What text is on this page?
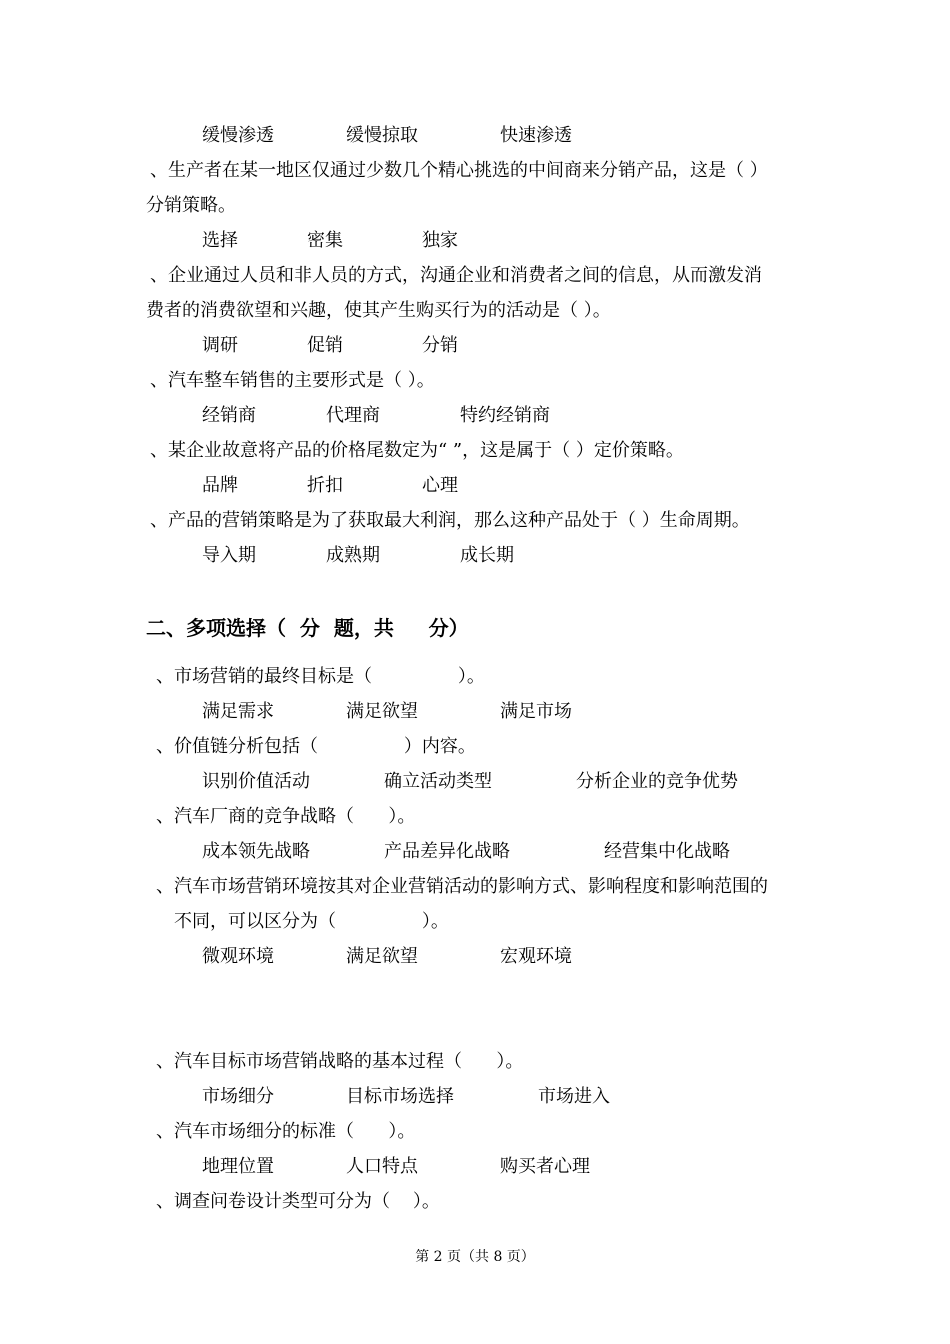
缓慢渗透	缓慢掠取	快速渗透
、生产者在某一地区仅通过少数几个精心挑选的中间商来分销产品，这是（ ）
分销策略。
选择	密集	独家
、企业通过人员和非人员的方式，沟通企业和消费者之间的信息，从而激发消
费者的消费欲望和兴趣，使其产生购买行为的活动是（ ）。
调研	促销	分销
、汽车整车销售的主要形式是（ ）。
经销商	代理商	特约经销商
、某企业故意将产品的价格尾数定为“ ”，这是属于（ ）定价策略。
品牌	折扣	心理
、产品的营销策略是为了获取最大利润，那么这种产品处于（ ）生命周期。
导入期	成熟期	成长期
二、多项选择（  分  题，共     分）
、市场营销的最终目标是（               ）。
满足需求	满足欲望	满足市场
、价值链分析包括（               ）内容。
识别价值活动	确立活动类型	分析企业的竞争优势
、汽车厂商的竞争战略（      ）。
成本领先战略	产品差异化战略	经营集中化战略
、汽车市场营销环境按其对企业营销活动的影响方式、影响程度和影响范围的
不同，可以区分为（               ）。
微观环境	满足欲望	宏观环境
、汽车目标市场营销战略的基本过程（      ）。
市场细分	目标市场选择	市场进入
、汽车市场细分的标准（      ）。
地理位置	人口特点	购买者心理
、调查问卷设计类型可分为（    ）。
第 2 页（共 8 页）
